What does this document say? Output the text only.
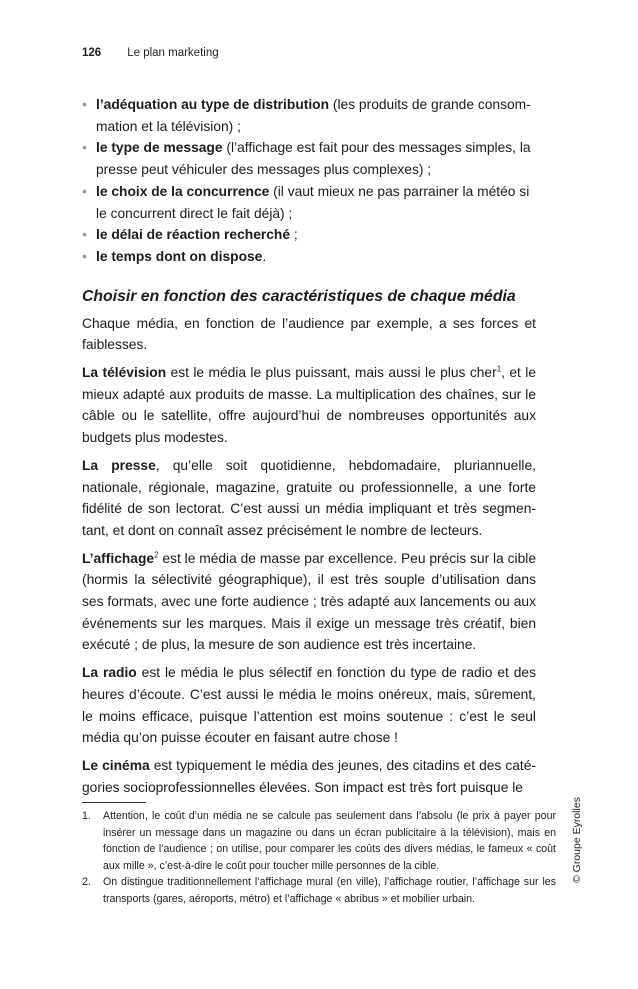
126 Le plan marketing
• l’adéquation au type de distribution (les produits de grande consom-mation et la télévision) ;
• le type de message (l’affichage est fait pour des messages simples, la presse peut véhiculer des messages plus complexes) ;
• le choix de la concurrence (il vaut mieux ne pas parrainer la météo si le concurrent direct le fait déjà) ;
• le délai de réaction recherché ;
• le temps dont on dispose.
Choisir en fonction des caractéristiques de chaque média

Chaque média, en fonction de l’audience par exemple, a ses forces et faiblesses.

La télévision est le média le plus puissant, mais aussi le plus cher$^1$, et le mieux adapté aux produits de masse. La multiplication des chaînes, sur le câble ou le satellite, offre aujourd’hui de nombreuses opportunités aux budgets plus modestes.

La presse, qu’elle soit quotidienne, hebdomadaire, pluriannuelle, nationale, régionale, magazine, gratuite ou professionnelle, a une forte fidélité de son lectorat. C’est aussi un média impliquant et très segmen-tant, et dont on connaît assez précisément le nombre de lecteurs.

L’affichage$^2$ est le média de masse par excellence. Peu précis sur la cible (hormis la sélectivité géographique), il est très souple d’utilisation dans ses formats, avec une forte audience ; très adapté aux lancements ou aux événements sur les marques. Mais il exige un message très créatif, bien exécuté ; de plus, la mesure de son audience est très incertaine.

La radio est le média le plus sélectif en fonction du type de radio et des heures d’écoute. C’est aussi le média le moins onéreux, mais, sûrement, le moins efficace, puisque l’attention est moins soutenue : c’est le seul média qu’on puisse écouter en faisant autre chose !

Le cinéma est typiquement le média des jeunes, des citadins et des caté-gories socioprofessionnelles élevées. Son impact est très fort puisque le

1. Attention, le coût d’un média ne se calcule pas seulement dans l’absolu (le prix à payer pour insérer un message dans un magazine ou dans un écran publicitaire à la télévision), mais en fonction de l’audience ; on utilise, pour comparer les coûts des divers médias, le fameux « coût aux mille », c’est-à-dire le coût pour toucher mille personnes de la cible.
2. On distingue traditionnellement l’affichage mural (en ville), l’affichage routier, l’affichage sur les transports (gares, aéroports, métro) et l’affichage « abribus » et mobilier urbain.
© Groupe Eyrolles
